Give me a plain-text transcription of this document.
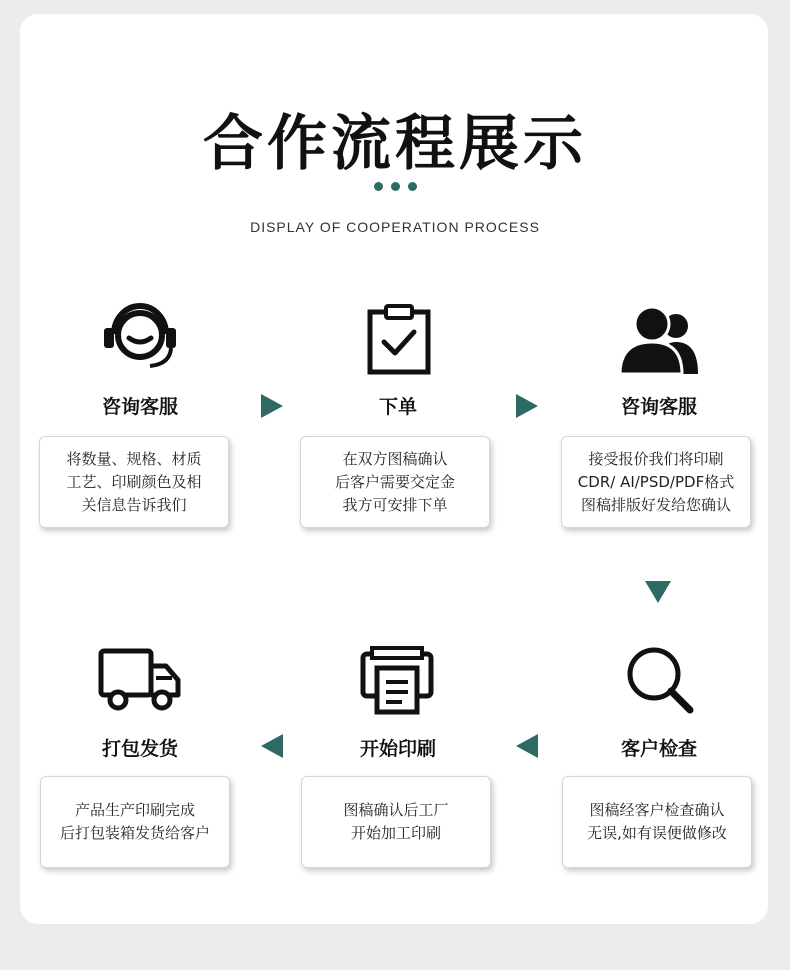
合作流程展示
DISPLAY OF COOPERATION PROCESS
咨询客服
将数量、规格、材质
工艺、印刷颜色及相
关信息告诉我们
下单
在双方图稿确认
后客户需要交定金
我方可安排下单
咨询客服
接受报价我们将印刷
CDR/ AI/PSD/PDF格式
图稿排版好发给您确认
客户检查
图稿经客户检查确认
无误,如有误便做修改
开始印刷
图稿确认后工厂
开始加工印刷
打包发货
产品生产印刷完成
后打包装箱发货给客户
